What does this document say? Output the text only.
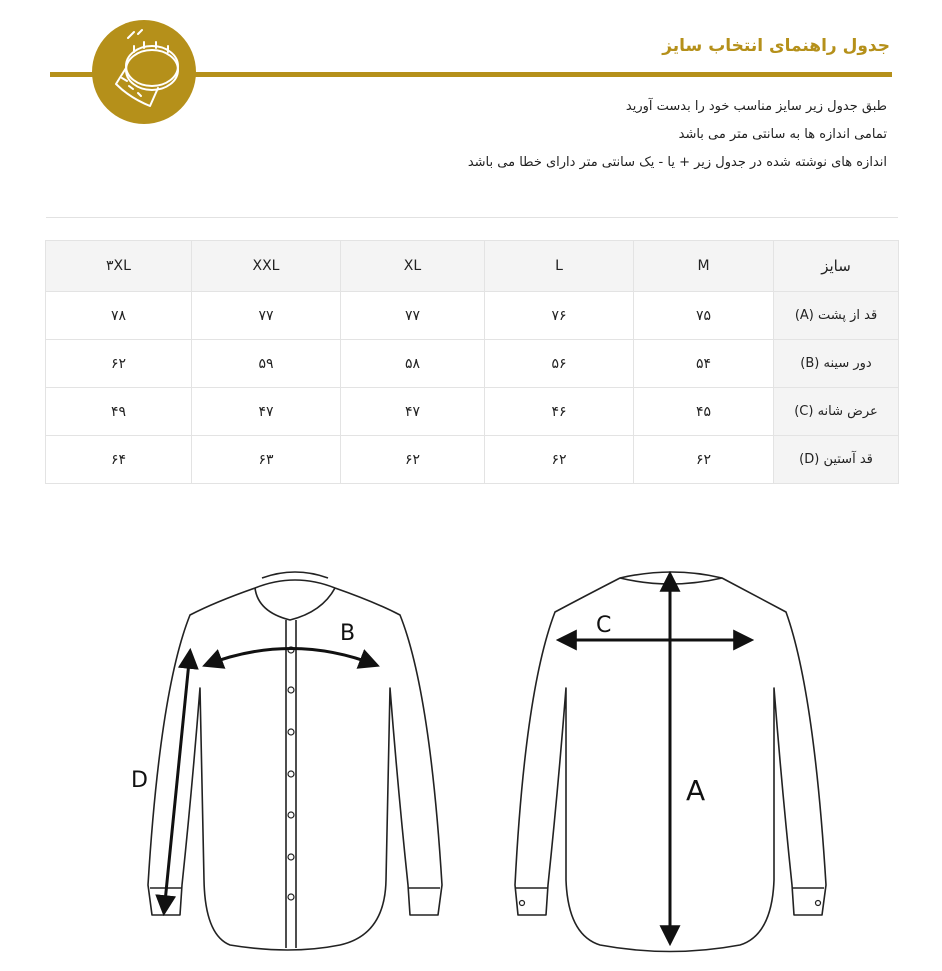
جدول راهنمای انتخاب سایز
طبق جدول زیر سایز مناسب خود را بدست آورید
تمامی اندازه ها به سانتی متر می باشد
اندازه های نوشته شده در جدول زیر + یا - یک سانتی متر دارای خطا می باشد
۳XL	XXL	XL	L	M	سایز
۷۸	۷۷	۷۷	۷۶	۷۵	قد از پشت (A)
۶۲	۵۹	۵۸	۵۶	۵۴	دور سینه (B)
۴۹	۴۷	۴۷	۴۶	۴۵	عرض شانه (C)
۶۴	۶۳	۶۲	۶۲	۶۲	قد آستین (D)
B
D
C
A
